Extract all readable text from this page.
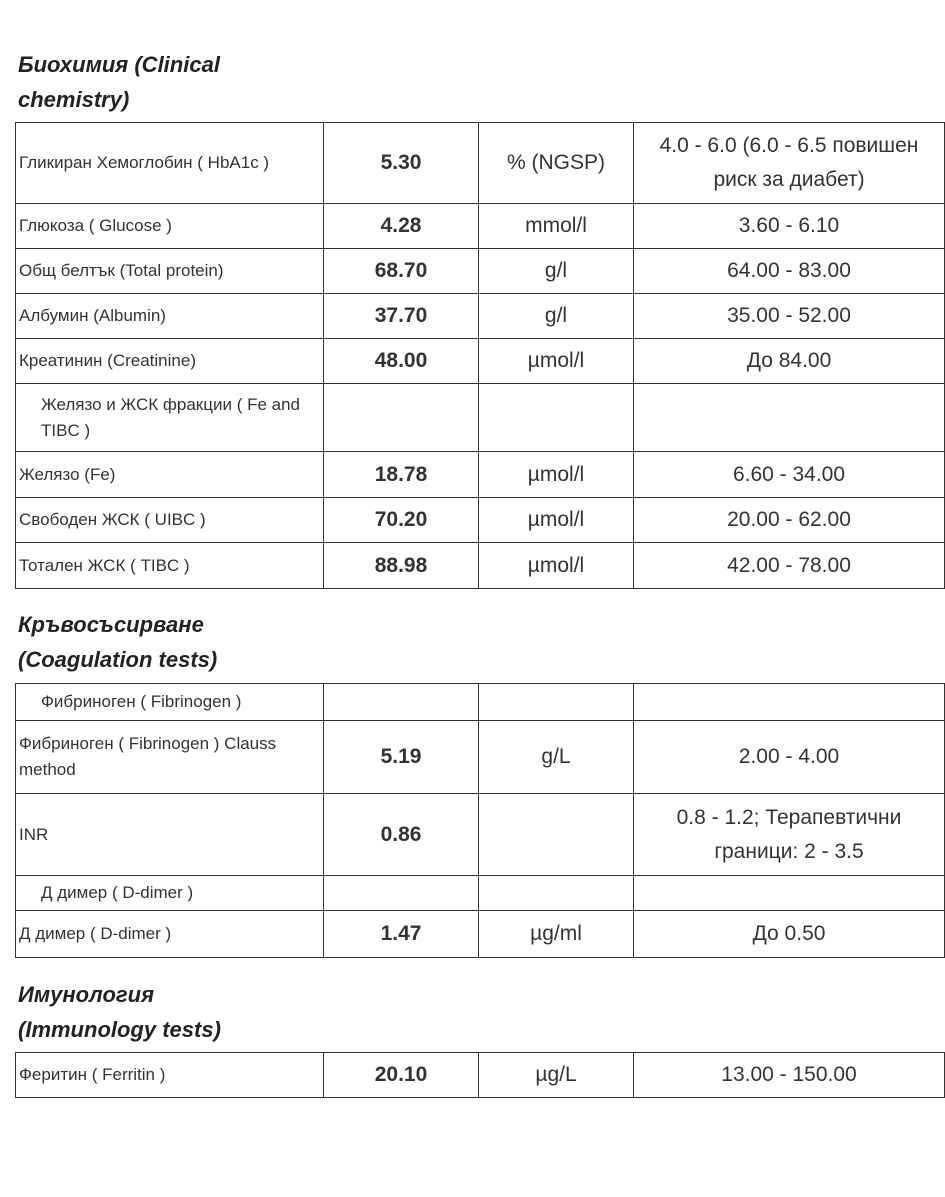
Биохимия (Clinical
chemistry)
Гликиран Хемоглобин ( HbA1c )	5.30	% (NGSP)	4.0 - 6.0 (6.0 - 6.5 повишен риск за диабет)
Глюкоза ( Glucose )	4.28	mmol/l	3.60 - 6.10
Общ белтък (Total protein)	68.70	g/l	64.00 - 83.00
Албумин (Albumin)	37.70	g/l	35.00 - 52.00
Креатинин (Creatinine)	48.00	µmol/l	До 84.00
Желязо и ЖСК фракции ( Fe and TIBC )			
Желязо (Fe)	18.78	µmol/l	6.60 - 34.00
Свободен ЖСК ( UIBC )	70.20	µmol/l	20.00 - 62.00
Тотален ЖСК ( TIBC )	88.98	µmol/l	42.00 - 78.00
Кръвосъсирване
(Coagulation tests)
Фибриноген ( Fibrinogen )			
Фибриноген ( Fibrinogen ) Clauss method	5.19	g/L	2.00 - 4.00
INR	0.86		0.8 - 1.2; Терапевтични граници: 2 - 3.5
Д димер ( D-dimer )			
Д димер ( D-dimer )	1.47	µg/ml	До 0.50
Имунология
(Immunology tests)
Феритин ( Ferritin )	20.10	µg/L	13.00 - 150.00
